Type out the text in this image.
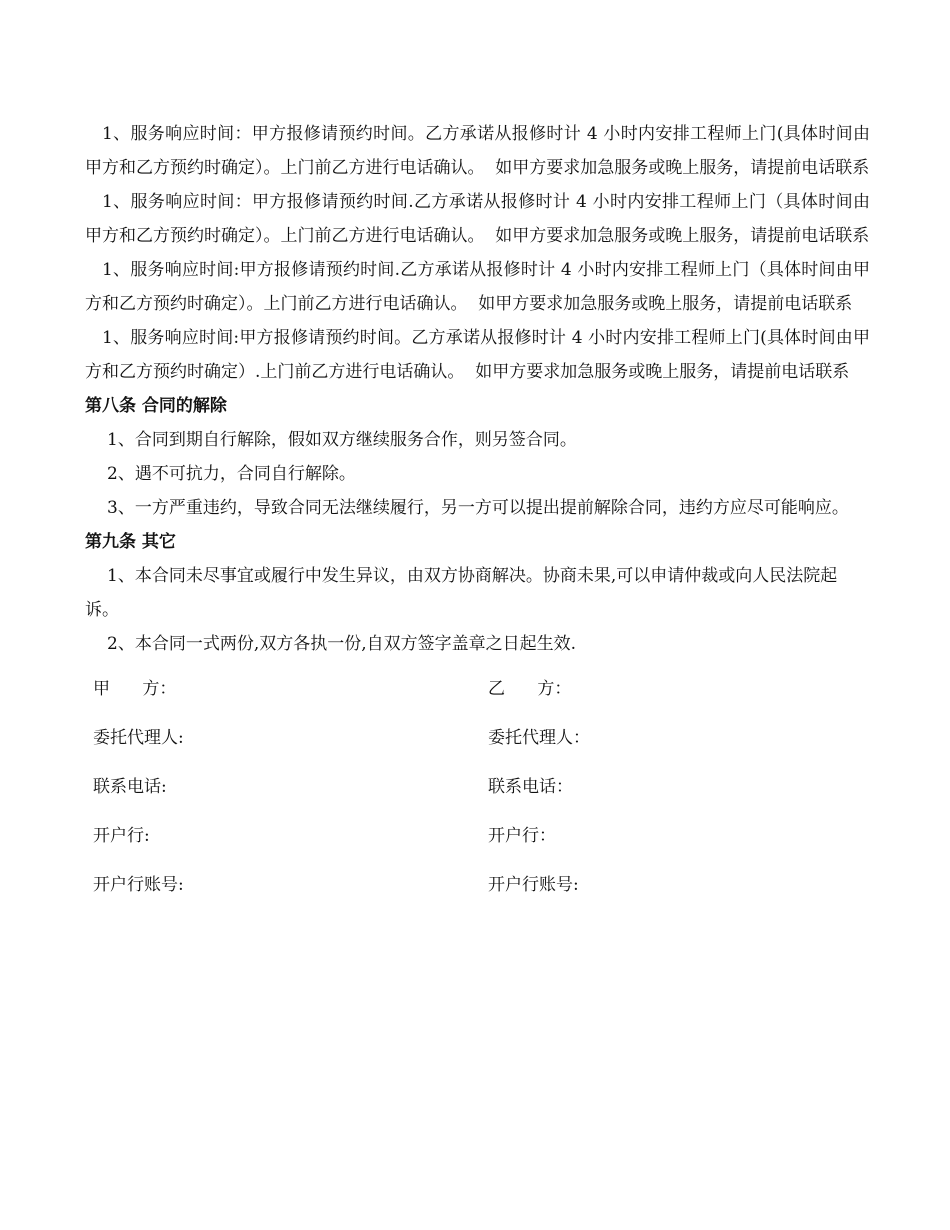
1、服务响应时间：甲方报修请预约时间。乙方承诺从报修时计 4 小时内安排工程师上门(具体时间由甲方和乙方预约时确定）。上门前乙方进行电话确认。  如甲方要求加急服务或晚上服务，请提前电话联系

1、服务响应时间：甲方报修请预约时间.乙方承诺从报修时计 4 小时内安排工程师上门（具体时间由甲方和乙方预约时确定）。上门前乙方进行电话确认。  如甲方要求加急服务或晚上服务，请提前电话联系

1、服务响应时间:甲方报修请预约时间.乙方承诺从报修时计 4 小时内安排工程师上门（具体时间由甲方和乙方预约时确定）。上门前乙方进行电话确认。  如甲方要求加急服务或晚上服务，请提前电话联系

1、服务响应时间:甲方报修请预约时间。乙方承诺从报修时计 4 小时内安排工程师上门(具体时间由甲方和乙方预约时确定）.上门前乙方进行电话确认。  如甲方要求加急服务或晚上服务，请提前电话联系

第八条 合同的解除

1、合同到期自行解除，假如双方继续服务合作，则另签合同。

2、遇不可抗力，合同自行解除。

3、一方严重违约，导致合同无法继续履行，另一方可以提出提前解除合同，违约方应尽可能响应。

第九条 其它

1、本合同未尽事宜或履行中发生异议，由双方协商解决。协商未果,可以申请仲裁或向人民法院起诉。

2、本合同一式两份,双方各执一份,自双方签字盖章之日起生效.

甲      方：	乙      方：
委托代理人:	委托代理人：
联系电话:	联系电话：
开户行:	开户行：
开户行账号:	开户行账号:
